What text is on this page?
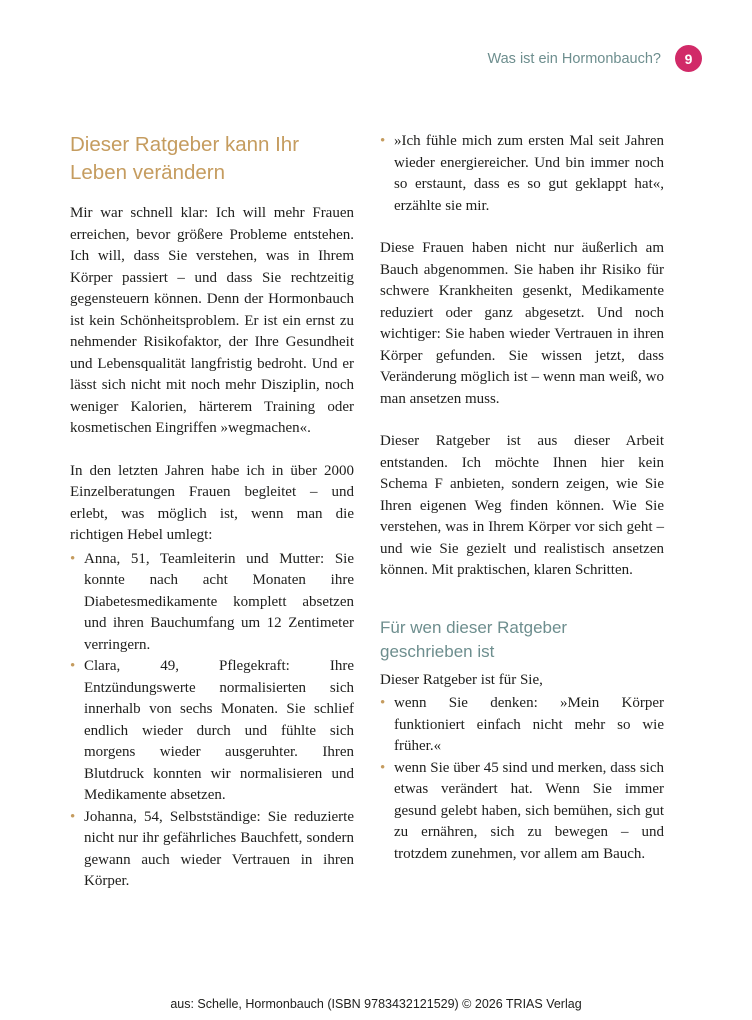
Was ist ein Hormonbauch?	9
Dieser Ratgeber kann Ihr Leben verändern

Mir war schnell klar: Ich will mehr Frauen erreichen, bevor größere Probleme entstehen. Ich will, dass Sie verstehen, was in Ihrem Körper passiert – und dass Sie rechtzeitig gegensteuern können. Denn der Hormonbauch ist kein Schönheitsproblem. Er ist ein ernst zu nehmender Risikofaktor, der Ihre Gesundheit und Lebensqualität langfristig bedroht. Und er lässt sich nicht mit noch mehr Disziplin, noch weniger Kalorien, härterem Training oder kosmetischen Eingriffen »wegmachen«.

In den letzten Jahren habe ich in über 2000 Einzelberatungen Frauen begleitet – und erlebt, was möglich ist, wenn man die richtigen Hebel umlegt:

• Anna, 51, Teamleiterin und Mutter: Sie konnte nach acht Monaten ihre Diabetesmedikamente komplett absetzen und ihren Bauchumfang um 12 Zentimeter verringern.
• Clara, 49, Pflegekraft: Ihre Entzündungswerte normalisierten sich innerhalb von sechs Monaten. Sie schlief endlich wieder durch und fühlte sich morgens wieder ausgeruhter. Ihren Blutdruck konnten wir normalisieren und Medikamente absetzen.
• Johanna, 54, Selbstständige: Sie reduzierte nicht nur ihr gefährliches Bauchfett, sondern gewann auch wieder Vertrauen in ihren Körper.
• »Ich fühle mich zum ersten Mal seit Jahren wieder energiereicher. Und bin immer noch so erstaunt, dass es so gut geklappt hat«, erzählte sie mir.

Diese Frauen haben nicht nur äußerlich am Bauch abgenommen. Sie haben ihr Risiko für schwere Krankheiten gesenkt, Medikamente reduziert oder ganz abgesetzt. Und noch wichtiger: Sie haben wieder Vertrauen in ihren Körper gefunden. Sie wissen jetzt, dass Veränderung möglich ist – wenn man weiß, wo man ansetzen muss.

Dieser Ratgeber ist aus dieser Arbeit entstanden. Ich möchte Ihnen hier kein Schema F anbieten, sondern zeigen, wie Sie Ihren eigenen Weg finden können. Wie Sie verstehen, was in Ihrem Körper vor sich geht – und wie Sie gezielt und realistisch ansetzen können. Mit praktischen, klaren Schritten.

Für wen dieser Ratgeber geschrieben ist

Dieser Ratgeber ist für Sie,

• wenn Sie denken: »Mein Körper funktioniert einfach nicht mehr so wie früher.«
• wenn Sie über 45 sind und merken, dass sich etwas verändert hat. Wenn Sie immer gesund gelebt haben, sich bemühen, sich gut zu ernähren, sich zu bewegen – und trotzdem zunehmen, vor allem am Bauch.
aus: Schelle, Hormonbauch (ISBN 9783432121529) © 2026 TRIAS Verlag
